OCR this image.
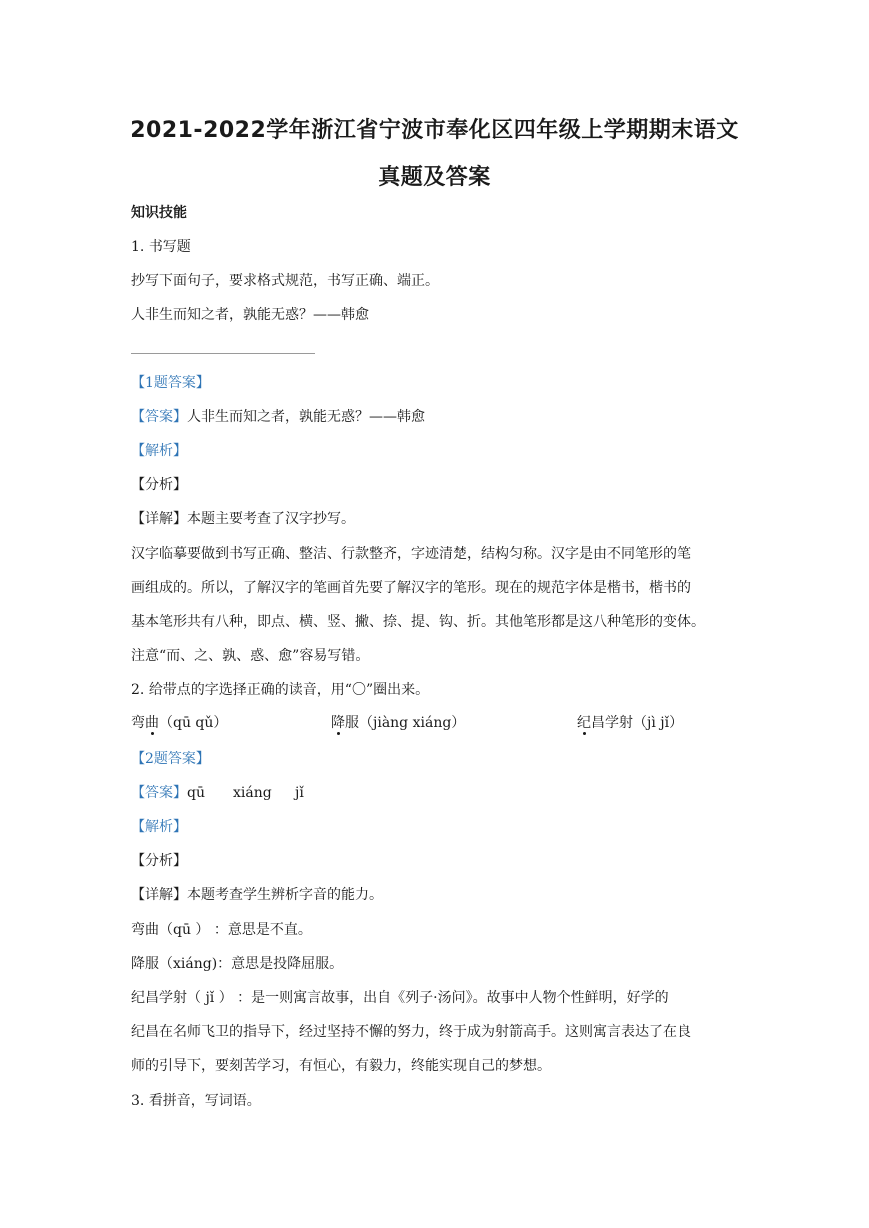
2021-2022学年浙江省宁波市奉化区四年级上学期期末语文
真题及答案
知识技能
1. 书写题
抄写下面句子，要求格式规范，书写正确、端正。
人非生而知之者，孰能无惑？——韩愈
【1题答案】
【答案】人非生而知之者，孰能无惑？——韩愈
【解析】
【分析】
【详解】本题主要考查了汉字抄写。
汉字临摹要做到书写正确、整洁、行款整齐，字迹清楚，结构匀称。汉字是由不同笔形的笔
画组成的。所以，了解汉字的笔画首先要了解汉字的笔形。现在的规范字体是楷书，楷书的
基本笔形共有八种，即点、横、竖、撇、捺、提、钩、折。其他笔形都是这八种笔形的变体。
注意“而、之、孰、惑、愈”容易写错。
2. 给带点的字选择正确的读音，用“〇”圈出来。
弯曲（qū qǔ）	降服（jiàng xiáng）	纪昌学射（jì jǐ）
【2题答案】
【答案】qū xiáng jǐ
【解析】
【分析】
【详解】本题考查学生辨析字音的能力。
弯曲（qū ） ：意思是不直。
降服（xiáng)：意思是投降屈服。
纪昌学射（ jǐ ） ：是一则寓言故事，出自《列子·汤问》。故事中人物个性鲜明，好学的
纪昌在名师飞卫的指导下，经过坚持不懈的努力，终于成为射箭高手。这则寓言表达了在良
师的引导下，要刻苦学习，有恒心，有毅力，终能实现自己的梦想。
3. 看拼音，写词语。
